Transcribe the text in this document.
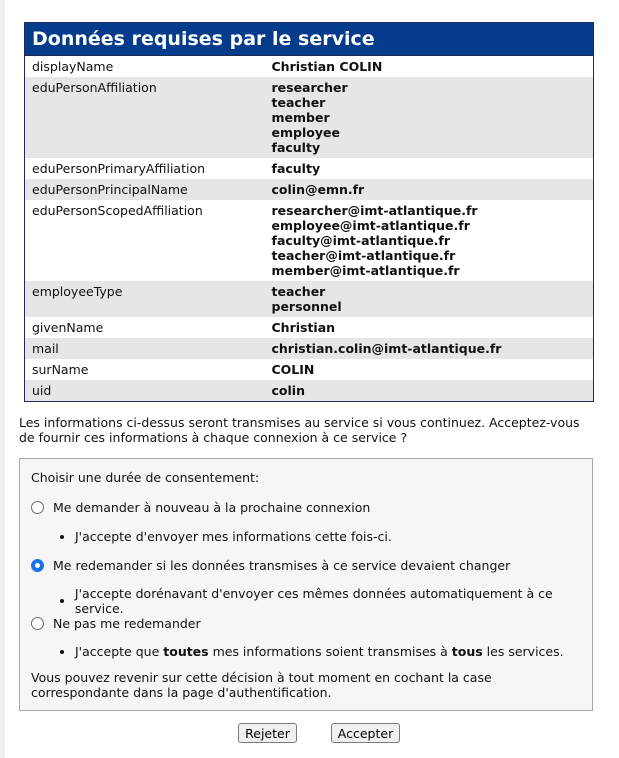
Données requises par le service
displayName	Christian COLIN

eduPersonAffiliation	researcher
teacher
member
employee
faculty

eduPersonPrimaryAffiliation	faculty

eduPersonPrincipalName	colin@emn.fr

eduPersonScopedAffiliation	researcher@imt-atlantique.fr
employee@imt-atlantique.fr
faculty@imt-atlantique.fr
teacher@imt-atlantique.fr
member@imt-atlantique.fr

employeeType	teacher
personnel

givenName	Christian

mail	christian.colin@imt-atlantique.fr

surName	COLIN

uid	colin
Les informations ci-dessus seront transmises au service si vous continuez. Acceptez-vous de fournir ces informations à chaque connexion à ce service ?
Choisir une durée de consentement:
Me demander à nouveau à la prochaine connexion
J'accepte d'envoyer mes informations cette fois-ci.
Me redemander si les données transmises à ce service devaient changer
J'accepte dorénavant d'envoyer ces mêmes données automatiquement à ce service.
Ne pas me redemander
J'accepte que toutes mes informations soient transmises à tous les services.
Vous pouvez revenir sur cette décision à tout moment en cochant la case correspondante dans la page d'authentification.
Rejeter	Accepter
